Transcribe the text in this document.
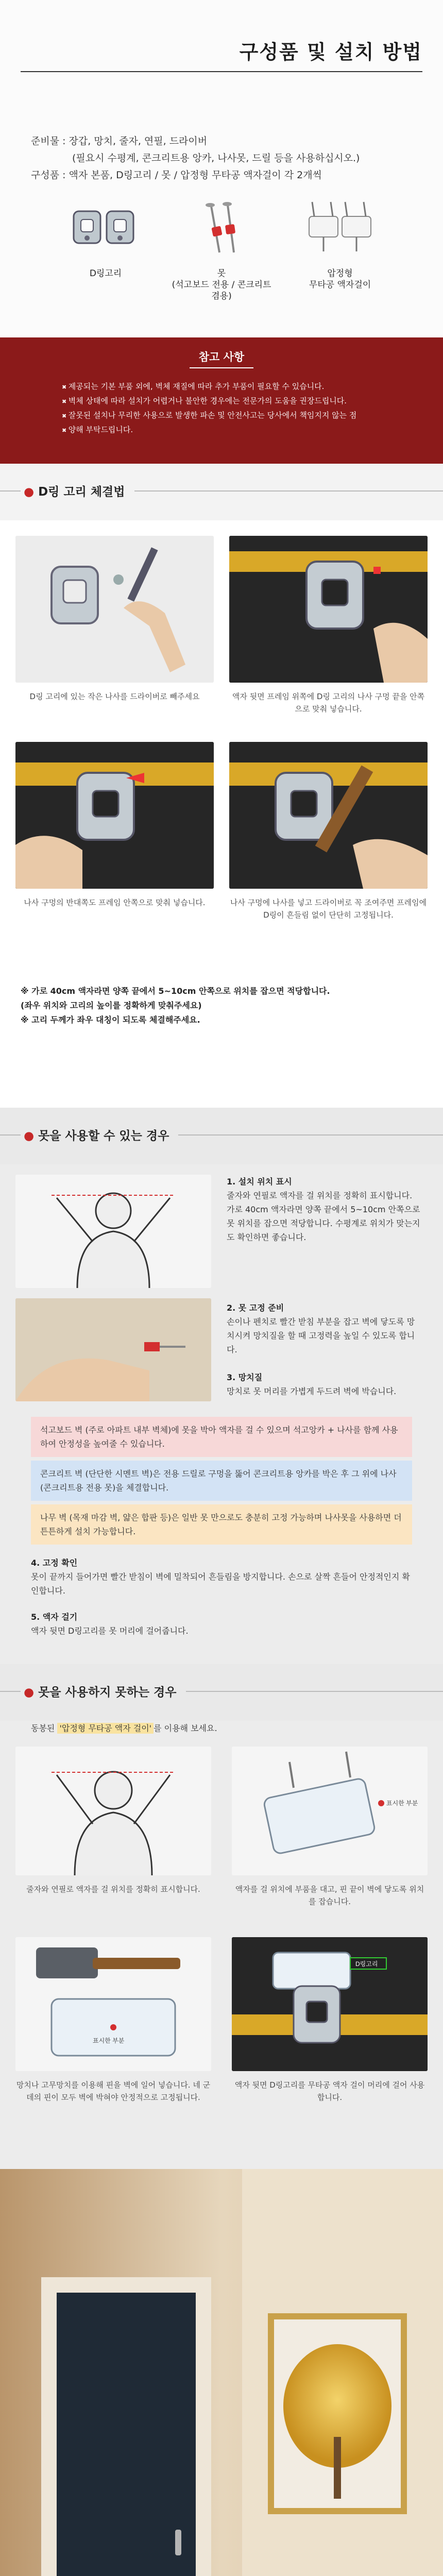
구성품 및 설치 방법
준비물 : 장갑, 망치, 줄자, 연필, 드라이버
(필요시 수평계, 콘크리트용 앙카, 나사못, 드릴 등을 사용하십시오.)
구성품 : 액자 본품, D링고리 / 못 / 압정형 무타공 액자걸이 각 2개씩
D링고리	못
(석고보드 전용 / 콘크리트 겸용)
압정형
무타공 액자걸이
참고 사항
✖ 제공되는 기본 부품 외에, 벽체 재질에 따라 추가 부품이 필요할 수 있습니다.
✖ 벽체 상태에 따라 설치가 어렵거나 불안한 경우에는 전문가의 도움을 권장드립니다.
✖ 잘못된 설치나 무리한 사용으로 발생한 파손 및 안전사고는 당사에서 책임지지 않는 점
✖ 양해 부탁드립니다.
● D링 고리 체결법
D링 고리에 있는 작은 나사를 드라이버로 빼주세요	액자 뒷면 프레임 위쪽에 D링 고리의 나사 구멍 끝을 안쪽으로 맞춰 넣습니다.
나사 구멍의 반대쪽도 프레임 안쪽으로 맞춰 넣습니다.	나사 구멍에 나사를 넣고 드라이버로 꼭 조여주면 프레임에 D링이 흔들림 없이 단단히 고정됩니다.
※ 가로 40cm 액자라면 양쪽 끝에서 5~10cm 안쪽으로 위치를 잡으면 적당합니다.
(좌우 위치와 고리의 높이를 정확하게 맞춰주세요)
※ 고리 두께가 좌우 대칭이 되도록 체결해주세요.
● 못을 사용할 수 있는 경우
1. 설치 위치 표시
줄자와 연필로 액자를 걸 위치를 정확히 표시합니다. 가로 40cm 액자라면 양쪽 끝에서 5~10cm 안쪽으로 못 위치를 잡으면 적당합니다. 수평계로 위치가 맞는지도 확인하면 좋습니다.
2. 못 고정 준비
손이나 펜치로 빨간 받침 부분을 잡고 벽에 닿도록 망치시켜 망치질을 할 때 고정력을 높일 수 있도록 합니다.

3. 망치질
망치로 못 머리를 가볍게 두드려 벽에 박습니다.
석고보드 벽 (주로 아파트 내부 벽체)에 못을 박아 액자를 걸 수 있으며 석고앙카 + 나사를 함께 사용하여 안정성을 높여줄 수 있습니다.
콘크리트 벽 (단단한 시멘트 벽)은 전용 드릴로 구멍을 뚫어 콘크리트용 앙카를 박은 후 그 위에 나사(콘크리트용 전용 못)을 체결합니다.
나무 벽 (목재 마감 벽, 얇은 합판 등)은 일반 못 만으로도 충분히 고정 가능하며 나사못을 사용하면 더 튼튼하게 설치 가능합니다.
4. 고정 확인
못이 끝까지 들어가면 빨간 받침이 벽에 밀착되어 흔들림을 방지합니다. 손으로 살짝 흔들어 안정적인지 확인합니다.
5. 액자 걸기
액자 뒷면 D링고리를 못 머리에 걸어줍니다.
● 못을 사용하지 못하는 경우
동봉된 '압정형 무타공 액자 걸이' 를 이용해 보세요.
줄자와 연필로 액자를 걸 위치를 정확히 표시합니다.
표시한 부분
액자를 걸 위치에 부품을 대고, 핀 끝이 벽에 닿도록 위치를 잡습니다.
표시한 부분
망치나 고무망치를 이용해 핀을 벽에 일어 넣습니다. 네 군데의 핀이 모두 벽에 박혀야 안정적으로 고정됩니다.
D링고리
액자 뒷면 D링고리를 무타공 액자 걸이 머리에 걸어 사용합니다.
